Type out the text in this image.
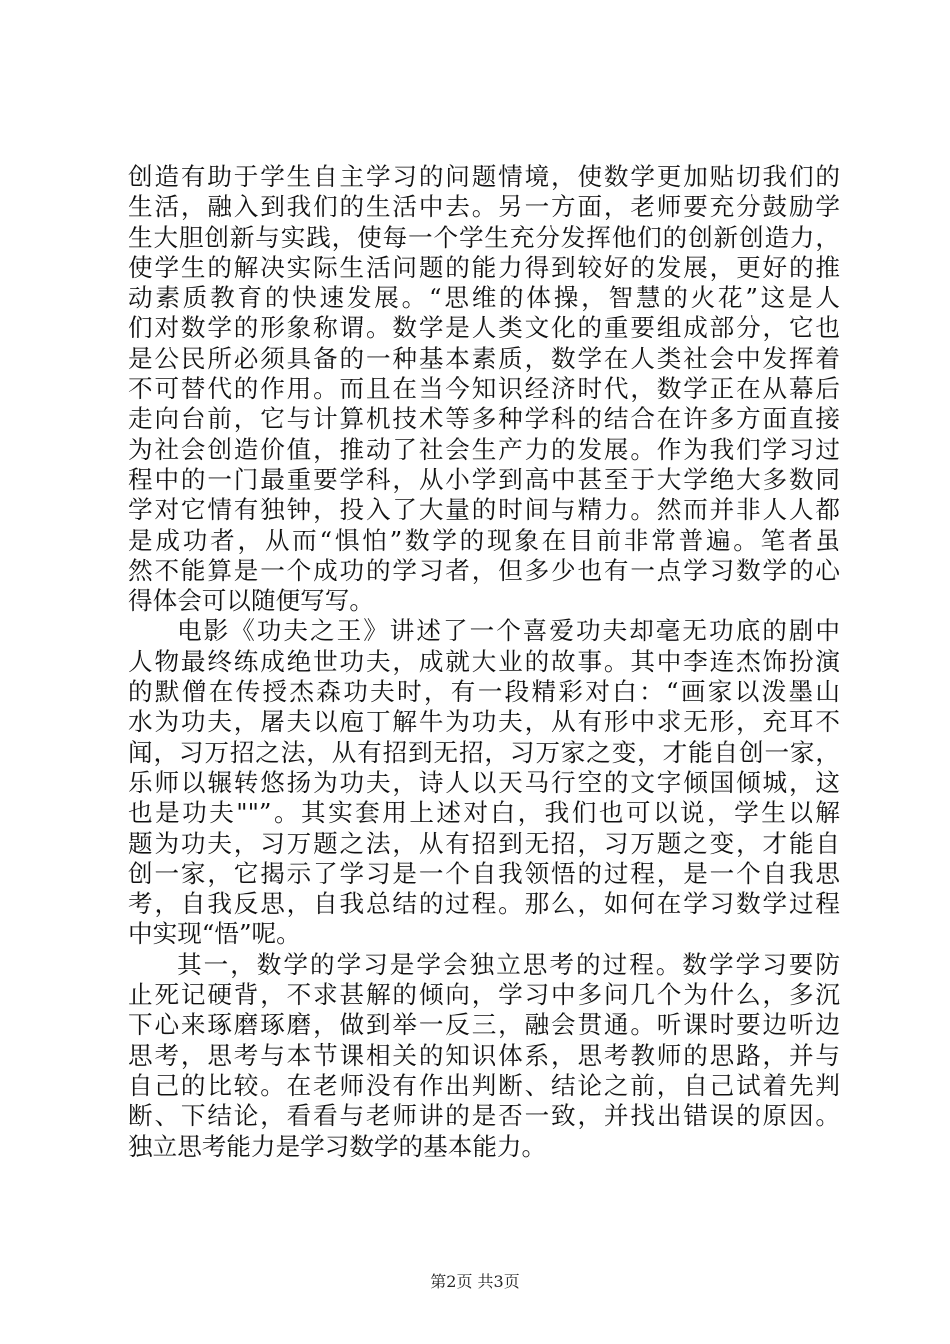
创造有助于学生自主学习的问题情境，使数学更加贴切我们的
生活，融入到我们的生活中去。另一方面，老师要充分鼓励学
生大胆创新与实践，使每一个学生充分发挥他们的创新创造力，
使学生的解决实际生活问题的能力得到较好的发展，更好的推
动素质教育的快速发展。“思维的体操，智慧的火花”这是人
们对数学的形象称谓。数学是人类文化的重要组成部分，它也
是公民所必须具备的一种基本素质，数学在人类社会中发挥着
不可替代的作用。而且在当今知识经济时代，数学正在从幕后
走向台前，它与计算机技术等多种学科的结合在许多方面直接
为社会创造价值，推动了社会生产力的发展。作为我们学习过
程中的一门最重要学科，从小学到高中甚至于大学绝大多数同
学对它情有独钟，投入了大量的时间与精力。然而并非人人都
是成功者，从而“惧怕”数学的现象在目前非常普遍。笔者虽
然不能算是一个成功的学习者，但多少也有一点学习数学的心
得体会可以随便写写。
电影《功夫之王》讲述了一个喜爱功夫却毫无功底的剧中
人物最终练成绝世功夫，成就大业的故事。其中李连杰饰扮演
的默僧在传授杰森功夫时，有一段精彩对白：“画家以泼墨山
水为功夫，屠夫以庖丁解牛为功夫，从有形中求无形，充耳不
闻，习万招之法，从有招到无招，习万家之变，才能自创一家，
乐师以辗转悠扬为功夫，诗人以天马行空的文字倾国倾城，这
也是功夫""”。其实套用上述对白，我们也可以说，学生以解
题为功夫，习万题之法，从有招到无招，习万题之变，才能自
创一家，它揭示了学习是一个自我领悟的过程，是一个自我思
考，自我反思，自我总结的过程。那么，如何在学习数学过程
中实现“悟”呢。
其一，数学的学习是学会独立思考的过程。数学学习要防
止死记硬背，不求甚解的倾向，学习中多问几个为什么，多沉
下心来琢磨琢磨，做到举一反三，融会贯通。听课时要边听边
思考，思考与本节课相关的知识体系，思考教师的思路，并与
自己的比较。在老师没有作出判断、结论之前，自己试着先判
断、下结论，看看与老师讲的是否一致，并找出错误的原因。
独立思考能力是学习数学的基本能力。
第2页 共3页
